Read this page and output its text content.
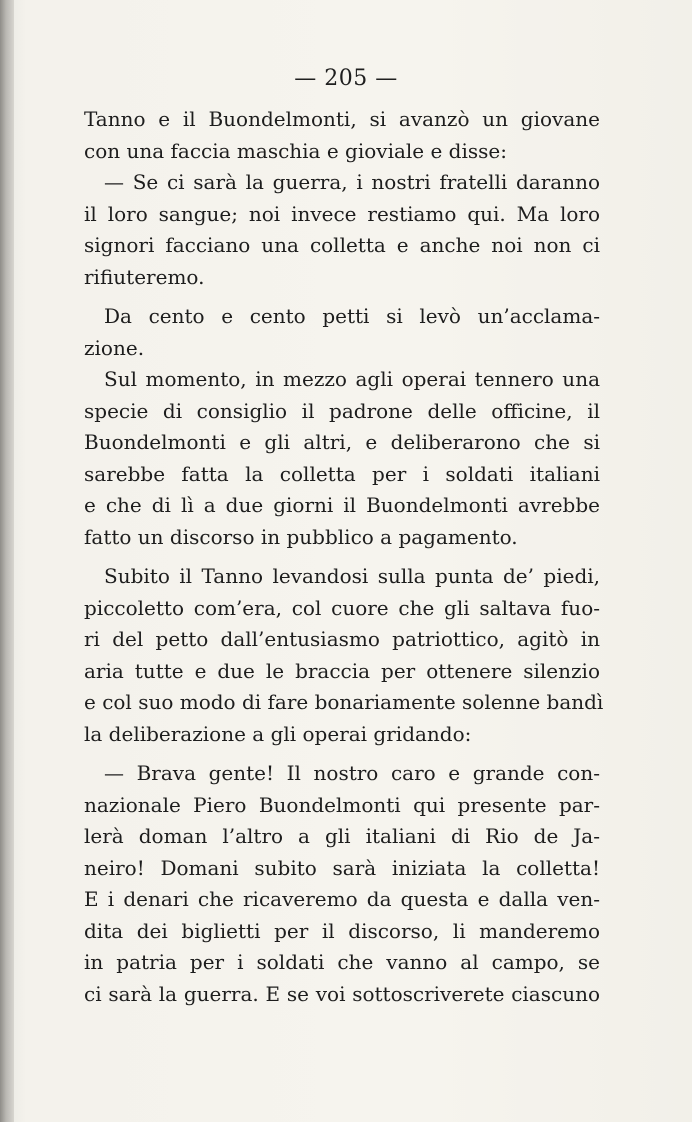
— 205 —
Tanno e il Buondelmonti, si avanzò un giovane
con una faccia maschia e gioviale e disse:
— Se ci sarà la guerra, i nostri fratelli daranno
il loro sangue; noi invece restiamo qui. Ma loro
signori facciano una colletta e anche noi non ci
rifiuteremo.
Da cento e cento petti si levò un’acclama-
zione.
Sul momento, in mezzo agli operai tennero una
specie di consiglio il padrone delle officine, il
Buondelmonti e gli altri, e deliberarono che si
sarebbe fatta la colletta per i soldati italiani
e che di lì a due giorni il Buondelmonti avrebbe
fatto un discorso in pubblico a pagamento.
Subito il Tanno levandosi sulla punta de’ piedi,
piccoletto com’era, col cuore che gli saltava fuo-
ri del petto dall’entusiasmo patriottico, agitò in
aria tutte e due le braccia per ottenere silenzio
e col suo modo di fare bonariamente solenne bandì
la deliberazione a gli operai gridando:
— Brava gente! Il nostro caro e grande con-
nazionale Piero Buondelmonti qui presente par-
lerà doman l’altro a gli italiani di Rio de Ja-
neiro! Domani subito sarà iniziata la colletta!
E i denari che ricaveremo da questa e dalla ven-
dita dei biglietti per il discorso, li manderemo
in patria per i soldati che vanno al campo, se
ci sarà la guerra. E se voi sottoscriverete ciascuno
